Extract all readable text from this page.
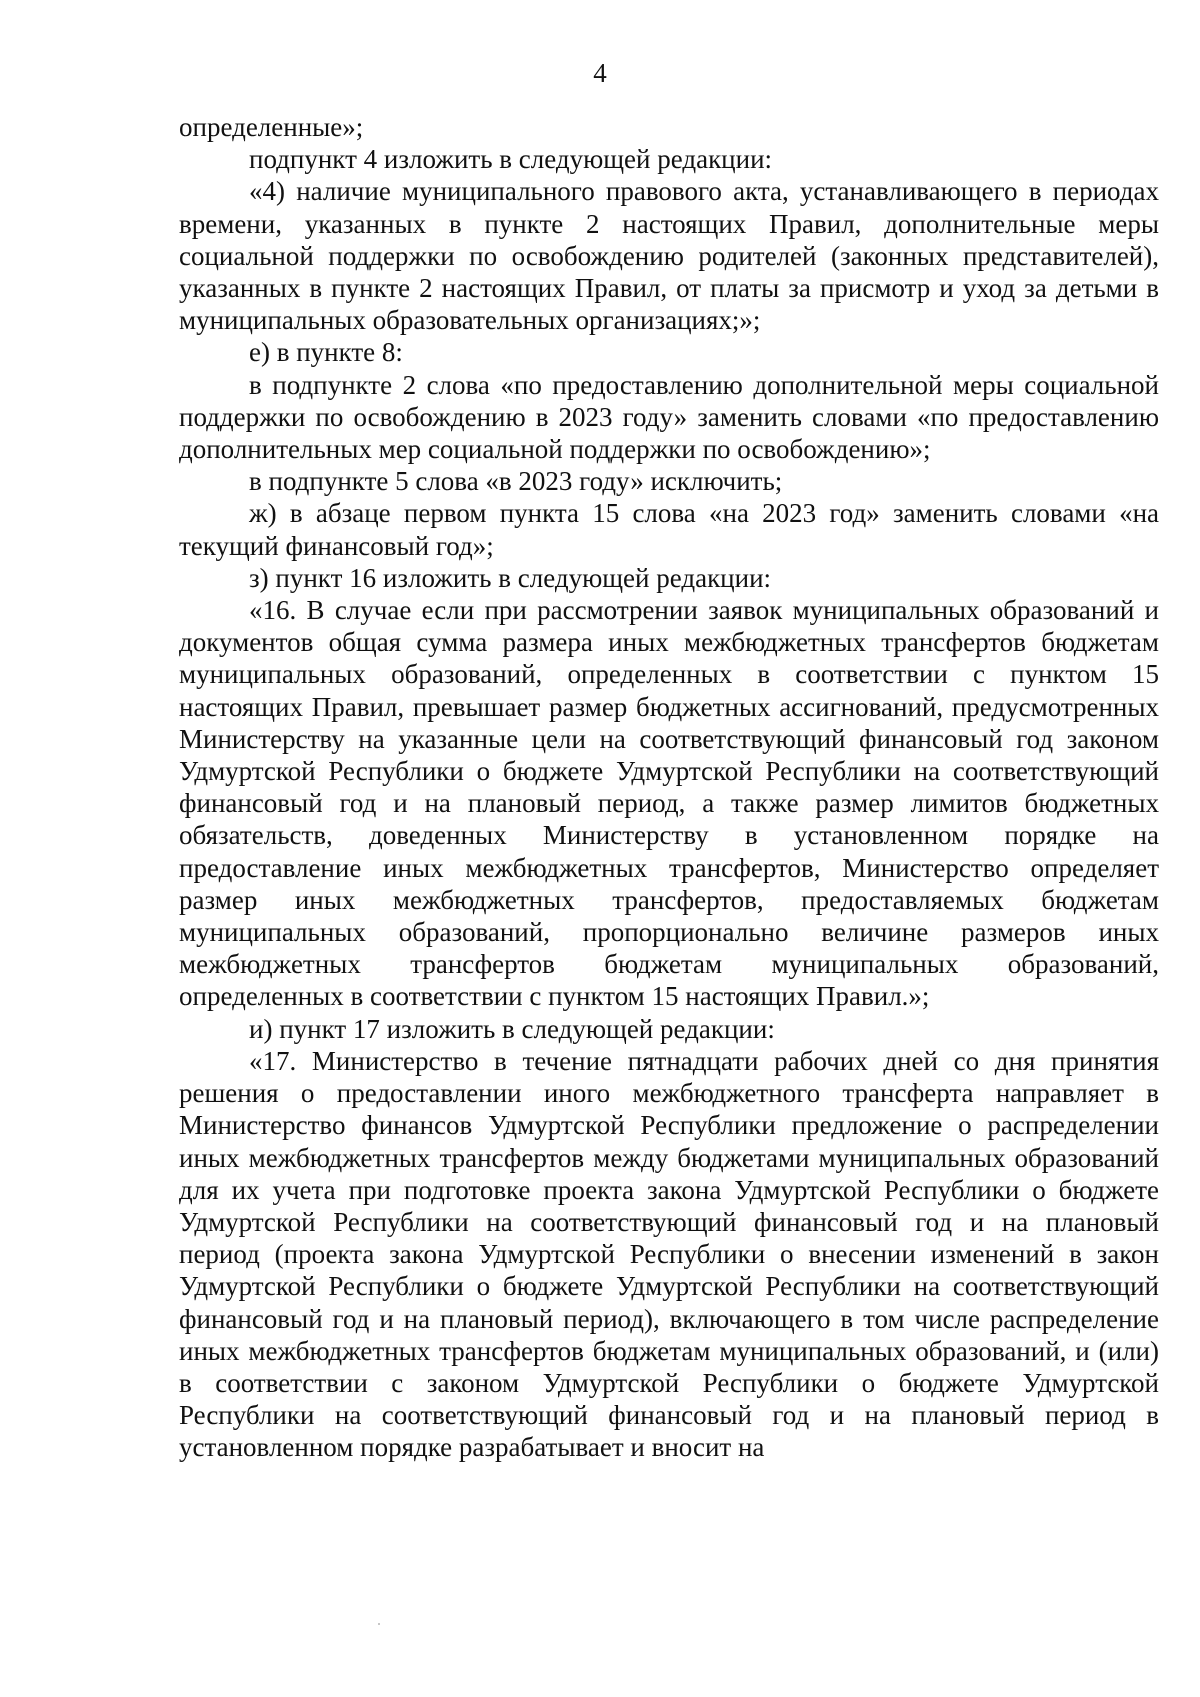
4

определенные»;

подпункт 4 изложить в следующей редакции:

«4) наличие муниципального правового акта, устанавливающего в периодах времени, указанных в пункте 2 настоящих Правил, дополнительные меры социальной поддержки по освобождению родителей (законных представителей), указанных в пункте 2 настоящих Правил, от платы за присмотр и уход за детьми в муниципальных образовательных организациях;»;

е) в пункте 8:

в подпункте 2 слова «по предоставлению дополнительной меры социальной поддержки по освобождению в 2023 году» заменить словами «по предоставлению дополнительных мер социальной поддержки по освобождению»;

в подпункте 5 слова «в 2023 году» исключить;

ж) в абзаце первом пункта 15 слова «на 2023 год» заменить словами «на текущий финансовый год»;

з) пункт 16 изложить в следующей редакции:

«16. В случае если при рассмотрении заявок муниципальных образований и документов общая сумма размера иных межбюджетных трансфертов бюджетам муниципальных образований, определенных в соответствии с пунктом 15 настоящих Правил, превышает размер бюджетных ассигнований, предусмотренных Министерству на указанные цели на соответствующий финансовый год законом Удмуртской Республики о бюджете Удмуртской Республики на соответствующий финансовый год и на плановый период, а также размер лимитов бюджетных обязательств, доведенных Министерству в установленном порядке на предоставление иных межбюджетных трансфертов, Министерство определяет размер иных межбюджетных трансфертов, предоставляемых бюджетам муниципальных образований, пропорционально величине размеров иных межбюджетных трансфертов бюджетам муниципальных образований, определенных в соответствии с пунктом 15 настоящих Правил.»;

и) пункт 17 изложить в следующей редакции:

«17. Министерство в течение пятнадцати рабочих дней со дня принятия решения о предоставлении иного межбюджетного трансферта направляет в Министерство финансов Удмуртской Республики предложение о распределении иных межбюджетных трансфертов между бюджетами муниципальных образований для их учета при подготовке проекта закона Удмуртской Республики о бюджете Удмуртской Республики на соответствующий финансовый год и на плановый период (проекта закона Удмуртской Республики о внесении изменений в закон Удмуртской Республики о бюджете Удмуртской Республики на соответствующий финансовый год и на плановый период), включающего в том числе распределение иных межбюджетных трансфертов бюджетам муниципальных образований, и (или) в соответствии с законом Удмуртской Республики о бюджете Удмуртской Республики на соответствующий финансовый год и на плановый период в установленном порядке разрабатывает и вносит на
